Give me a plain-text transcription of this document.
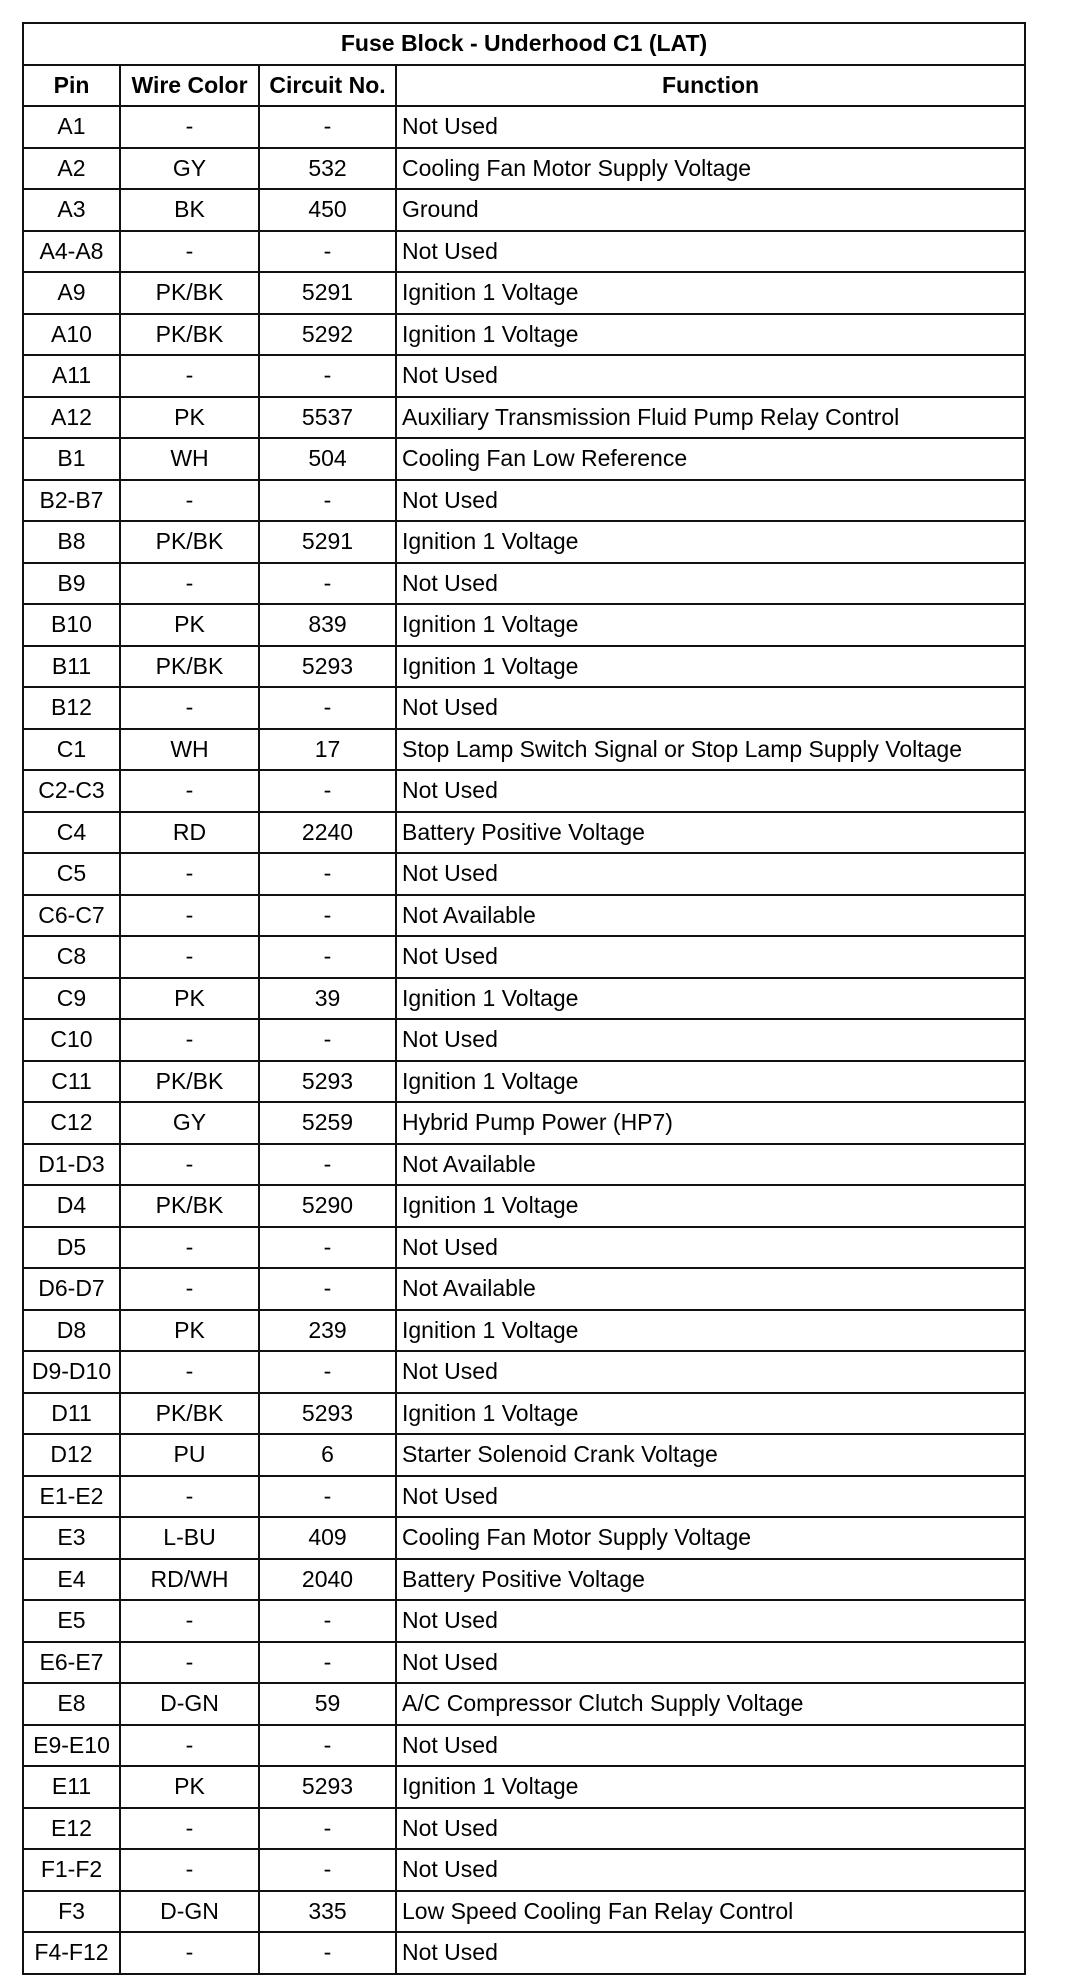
Fuse Block - Underhood C1 (LAT)			
Pin	Wire Color	Circuit No.	Function
A1	-	-	Not Used
A2	GY	532	Cooling Fan Motor Supply Voltage
A3	BK	450	Ground
A4-A8	-	-	Not Used
A9	PK/BK	5291	Ignition 1 Voltage
A10	PK/BK	5292	Ignition 1 Voltage
A11	-	-	Not Used
A12	PK	5537	Auxiliary Transmission Fluid Pump Relay Control
B1	WH	504	Cooling Fan Low Reference
B2-B7	-	-	Not Used
B8	PK/BK	5291	Ignition 1 Voltage
B9	-	-	Not Used
B10	PK	839	Ignition 1 Voltage
B11	PK/BK	5293	Ignition 1 Voltage
B12	-	-	Not Used
C1	WH	17	Stop Lamp Switch Signal or Stop Lamp Supply Voltage
C2-C3	-	-	Not Used
C4	RD	2240	Battery Positive Voltage
C5	-	-	Not Used
C6-C7	-	-	Not Available
C8	-	-	Not Used
C9	PK	39	Ignition 1 Voltage
C10	-	-	Not Used
C11	PK/BK	5293	Ignition 1 Voltage
C12	GY	5259	Hybrid Pump Power (HP7)
D1-D3	-	-	Not Available
D4	PK/BK	5290	Ignition 1 Voltage
D5	-	-	Not Used
D6-D7	-	-	Not Available
D8	PK	239	Ignition 1 Voltage
D9-D10	-	-	Not Used
D11	PK/BK	5293	Ignition 1 Voltage
D12	PU	6	Starter Solenoid Crank Voltage
E1-E2	-	-	Not Used
E3	L-BU	409	Cooling Fan Motor Supply Voltage
E4	RD/WH	2040	Battery Positive Voltage
E5	-	-	Not Used
E6-E7	-	-	Not Used
E8	D-GN	59	A/C Compressor Clutch Supply Voltage
E9-E10	-	-	Not Used
E11	PK	5293	Ignition 1 Voltage
E12	-	-	Not Used
F1-F2	-	-	Not Used
F3	D-GN	335	Low Speed Cooling Fan Relay Control
F4-F12	-	-	Not Used
